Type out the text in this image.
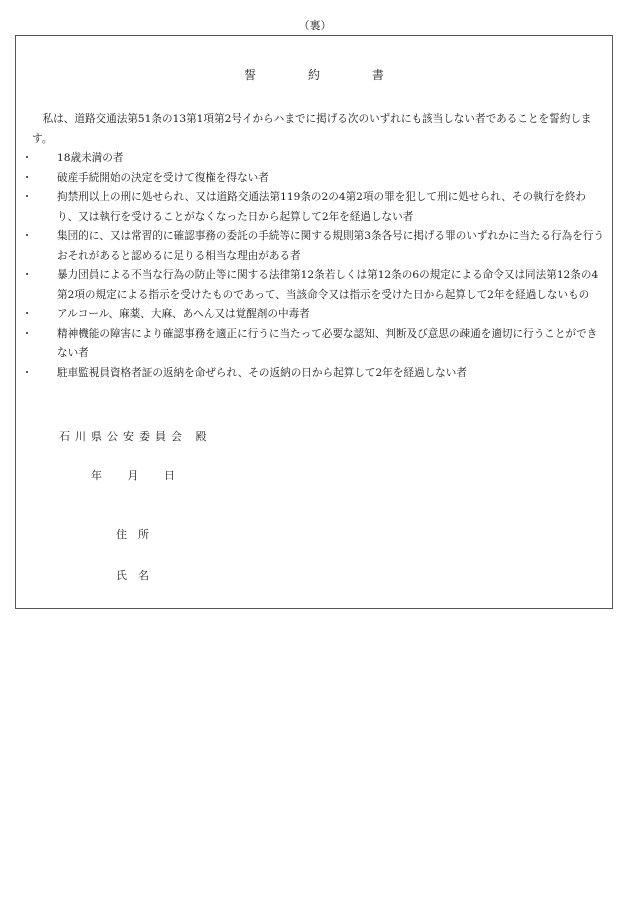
（裏）
誓	約	書

私は、道路交通法第51条の13第1項第2号イからハまでに掲げる次のいずれにも該当しない者であることを誓約します。

・	18歳未満の者
・	破産手続開始の決定を受けて復権を得ない者
・	拘禁刑以上の刑に処せられ、又は道路交通法第119条の2の4第2項の罪を犯して刑に処せられ、その執行を終わり、又は執行を受けることがなくなった日から起算して2年を経過しない者
・	集団的に、又は常習的に確認事務の委託の手続等に関する規則第3条各号に掲げる罪のいずれかに当たる行為を行うおそれがあると認めるに足りる相当な理由がある者
・	暴力団員による不当な行為の防止等に関する法律第12条若しくは第12条の6の規定による命令又は同法第12条の4第2項の規定による指示を受けたものであって、当該命令又は指示を受けた日から起算して2年を経過しないもの
・	アルコール、麻薬、大麻、あへん又は覚醒剤の中毒者
・	精神機能の障害により確認事務を適正に行うに当たって必要な認知、判断及び意思の疎通を適切に行うことができない者
・	駐車監視員資格者証の返納を命ぜられ、その返納の日から起算して2年を経過しない者
石川県公安委員会 殿
年 月 日
住　所
氏　名
